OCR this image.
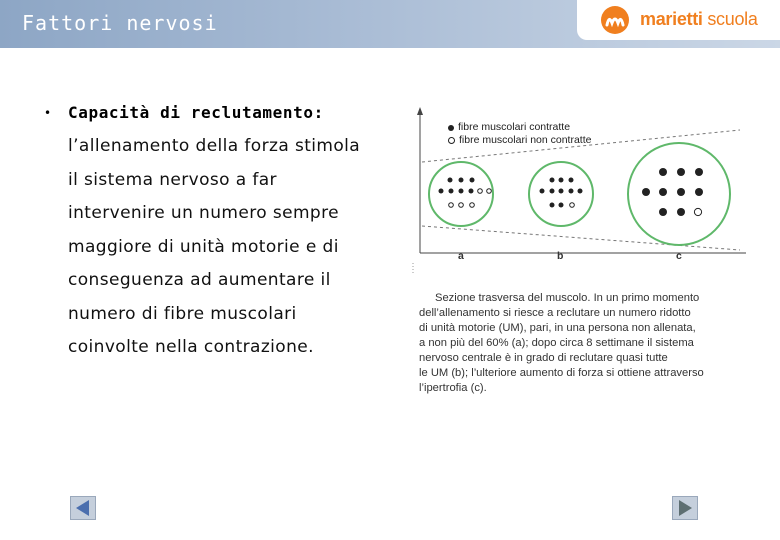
Fattori nervosi	marietti scuola
• Capacità di reclutamento:
l’allenamento della forza stimola
il sistema nervoso a far
intervenire un numero sempre
maggiore di unità motorie e di
conseguenza ad aumentare il
numero di fibre muscolari
coinvolte nella contrazione.
fibre muscolari contratte
fibre muscolari non contratte
a	b	c
Sezione trasversa del muscolo. In un primo momento
dell’allenamento si riesce a reclutare un numero ridotto
di unità motorie (UM), pari, in una persona non allenata,
a non più del 60% (a); dopo circa 8 settimane il sistema
nervoso centrale è in grado di reclutare quasi tutte
le UM (b); l’ulteriore aumento di forza si ottiene attraverso
l’ipertrofia (c).
